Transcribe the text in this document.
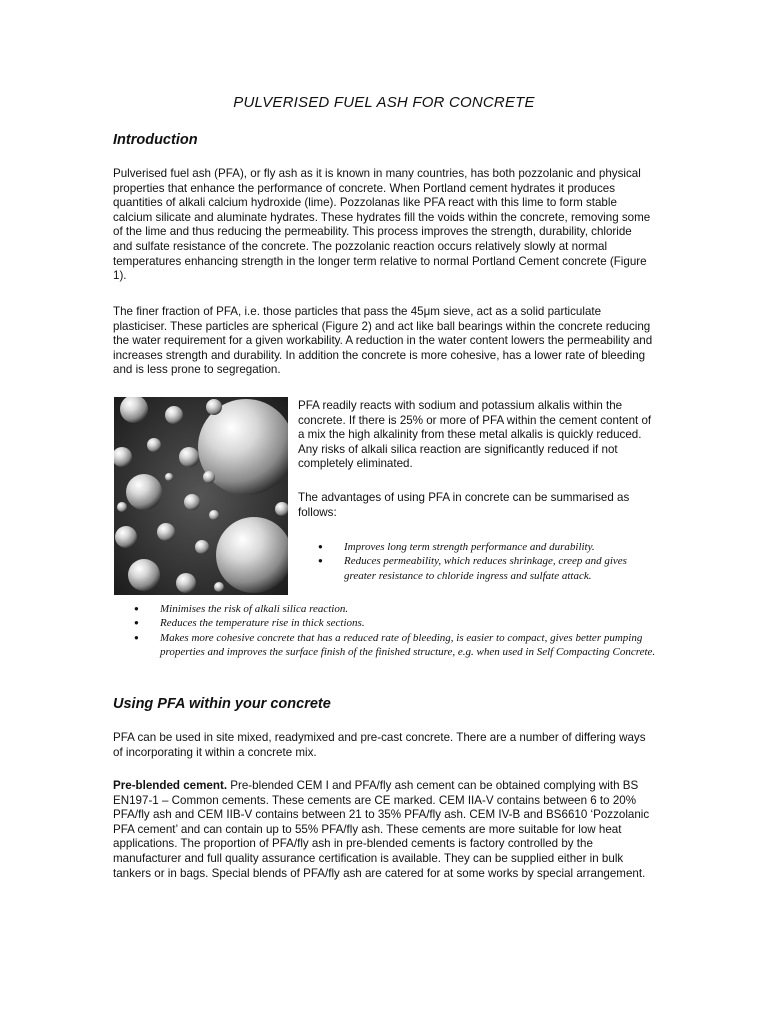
PULVERISED FUEL ASH FOR CONCRETE
Introduction

Pulverised fuel ash (PFA), or fly ash as it is known in many countries, has both pozzolanic and physical properties that enhance the performance of concrete. When Portland cement hydrates it produces quantities of alkali calcium hydroxide (lime). Pozzolanas like PFA react with this lime to form stable calcium silicate and aluminate hydrates. These hydrates fill the voids within the concrete, removing some of the lime and thus reducing the permeability. This process improves the strength, durability, chloride and sulfate resistance of the concrete. The pozzolanic reaction occurs relatively slowly at normal temperatures enhancing strength in the longer term relative to normal Portland Cement concrete (Figure 1).

The finer fraction of PFA, i.e. those particles that pass the 45μm sieve, act as a solid particulate plasticiser. These particles are spherical (Figure 2) and act like ball bearings within the concrete reducing the water requirement for a given workability. A reduction in the water content lowers the permeability and increases strength and durability. In addition the concrete is more cohesive, has a lower rate of bleeding and is less prone to segregation.

PFA readily reacts with sodium and potassium alkalis within the concrete. If there is 25% or more of PFA within the cement content of a mix the high alkalinity from these metal alkalis is quickly reduced. Any risks of alkali silica reaction are significantly reduced if not completely eliminated.

The advantages of using PFA in concrete can be summarised as follows:

● Improves long term strength performance and durability.
● Reduces permeability, which reduces shrinkage, creep and gives greater resistance to chloride ingress and sulfate attack.
● Minimises the risk of alkali silica reaction.
● Reduces the temperature rise in thick sections.
● Makes more cohesive concrete that has a reduced rate of bleeding, is easier to compact, gives better pumping properties and improves the surface finish of the finished structure, e.g. when used in Self Compacting Concrete.
Using PFA within your concrete

PFA can be used in site mixed, readymixed and pre-cast concrete. There are a number of differing ways of incorporating it within a concrete mix.

Pre-blended cement. Pre-blended CEM I and PFA/fly ash cement can be obtained complying with BS EN197-1 – Common cements. These cements are CE marked. CEM IIA-V contains between 6 to 20% PFA/fly ash and CEM IIB-V contains between 21 to 35% PFA/fly ash. CEM IV-B and BS6610 ‘Pozzolanic PFA cement’ and can contain up to 55% PFA/fly ash. These cements are more suitable for low heat applications. The proportion of PFA/fly ash in pre-blended cements is factory controlled by the manufacturer and full quality assurance certification is available. They can be supplied either in bulk tankers or in bags. Special blends of PFA/fly ash are catered for at some works by special arrangement.
